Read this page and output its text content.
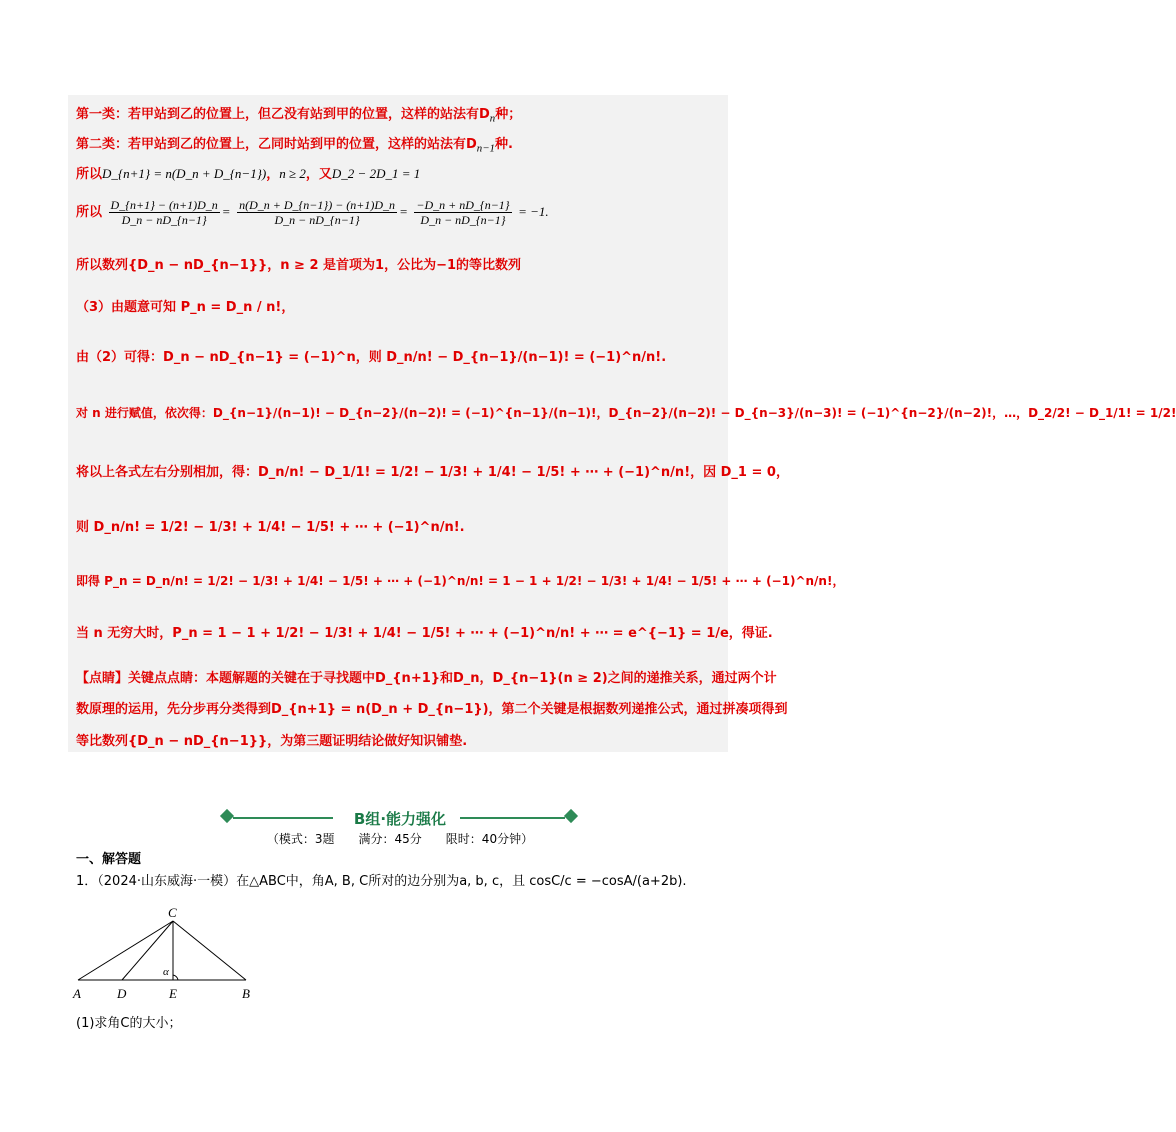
第一类：若甲站到乙的位置上，但乙没有站到甲的位置，这样的站法有$D_n$种；
第二类：若甲站到乙的位置上，乙同时站到甲的位置，这样的站法有$D_{n-1}$种.
所以D_{n+1} = n(D_n + D_{n−1})，n ≥ 2，又D_2 − 2D_1 = 1
所以 $\frac{D\_\{n+1\} - (n+1)D\_n}{D\_n - nD\_\{n-1\}} = \frac{n(D\_n + D\_\{n-1\}) - (n+1)D\_n}{D\_n - nD\_\{n-1\}} = \frac{-D\_n + nD\_\{n-1\}}{D\_n - nD\_\{n-1\}} = -1$.
所以数列{D_n − nD_{n−1}}，n ≥ 2 是首项为1，公比为−1的等比数列
（3）由题意可知 P_n = D_n / n!，
由（2）可得：D_n − nD_{n−1} = (−1)^n，则 D_n/n! − D_{n−1}/(n−1)! = (−1)^n/n!.
对 n 进行赋值，依次得：D_{n−1}/(n−1)! − D_{n−2}/(n−2)! = (−1)^{n−1}/(n−1)!，D_{n−2}/(n−2)! − D_{n−3}/(n−3)! = (−1)^{n−2}/(n−2)!，…，D_2/2! − D_1/1! = 1/2!
将以上各式左右分别相加，得：D_n/n! − D_1/1! = 1/2! − 1/3! + 1/4! − 1/5! + ⋯ + (−1)^n/n!，因 D_1 = 0，
则 D_n/n! = 1/2! − 1/3! + 1/4! − 1/5! + ⋯ + (−1)^n/n!.
即得 P_n = D_n/n! = 1/2! − 1/3! + 1/4! − 1/5! + ⋯ + (−1)^n/n! = 1 − 1 + 1/2! − 1/3! + 1/4! − 1/5! + ⋯ + (−1)^n/n!，
当 n 无穷大时，P_n = 1 − 1 + 1/2! − 1/3! + 1/4! − 1/5! + ⋯ + (−1)^n/n! + ⋯ = e^{−1} = 1/e，得证.
【点睛】关键点点睛：本题解题的关键在于寻找题中D_{n+1}和D_n，D_{n−1}(n ≥ 2)之间的递推关系，通过两个计
数原理的运用，先分步再分类得到D_{n+1} = n(D_n + D_{n−1})，第二个关键是根据数列递推公式，通过拼凑项得到
等比数列{D_n − nD_{n−1}}，为第三题证明结论做好知识铺垫.
B组·能力强化
（模式：3题　　满分：45分　　限时：40分钟）
一、解答题
1．（2024·山东威海·一模）在△ABC中，角A, B, C所对的边分别为a, b, c，且 cosC/c = −cosA/(a+2b).
C
A	D	E	B
α
(1)求角C的大小；
